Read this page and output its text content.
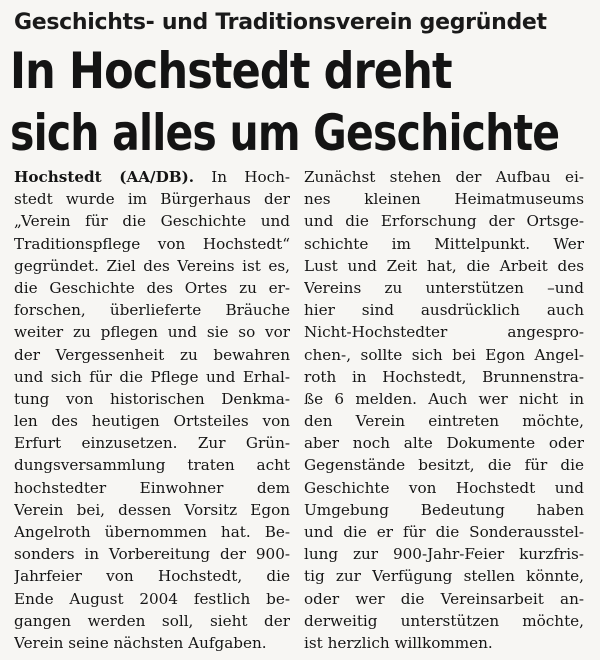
Geschichts- und Traditionsverein gegründet
In Hochstedt dreht
sich alles um Geschichte
Hochstedt (AA/DB). In Hoch-
stedt wurde im Bürgerhaus der
„Verein für die Geschichte und
Traditionspflege von Hochstedt“
gegründet. Ziel des Vereins ist es,
die Geschichte des Ortes zu er-
forschen, überlieferte Bräuche
weiter zu pflegen und sie so vor
der Vergessenheit zu bewahren
und sich für die Pflege und Erhal-
tung von historischen Denkma-
len des heutigen Ortsteiles von
Erfurt einzusetzen. Zur Grün-
dungsversammlung traten acht
hochstedter Einwohner dem
Verein bei, dessen Vorsitz Egon
Angelroth übernommen hat. Be-
sonders in Vorbereitung der 900-
Jahrfeier von Hochstedt, die
Ende August 2004 festlich be-
gangen werden soll, sieht der
Verein seine nächsten Aufgaben.
Zunächst stehen der Aufbau ei-
nes kleinen Heimatmuseums
und die Erforschung der Ortsge-
schichte im Mittelpunkt. Wer
Lust und Zeit hat, die Arbeit des
Vereins zu unterstützen –und
hier sind ausdrücklich auch
Nicht-Hochstedter angespro-
chen-, sollte sich bei Egon Angel-
roth in Hochstedt, Brunnenstra-
ße 6 melden. Auch wer nicht in
den Verein eintreten möchte,
aber noch alte Dokumente oder
Gegenstände besitzt, die für die
Geschichte von Hochstedt und
Umgebung Bedeutung haben
und die er für die Sonderausstel-
lung zur 900-Jahr-Feier kurzfris-
tig zur Verfügung stellen könnte,
oder wer die Vereinsarbeit an-
derweitig unterstützen möchte,
ist herzlich willkommen.
